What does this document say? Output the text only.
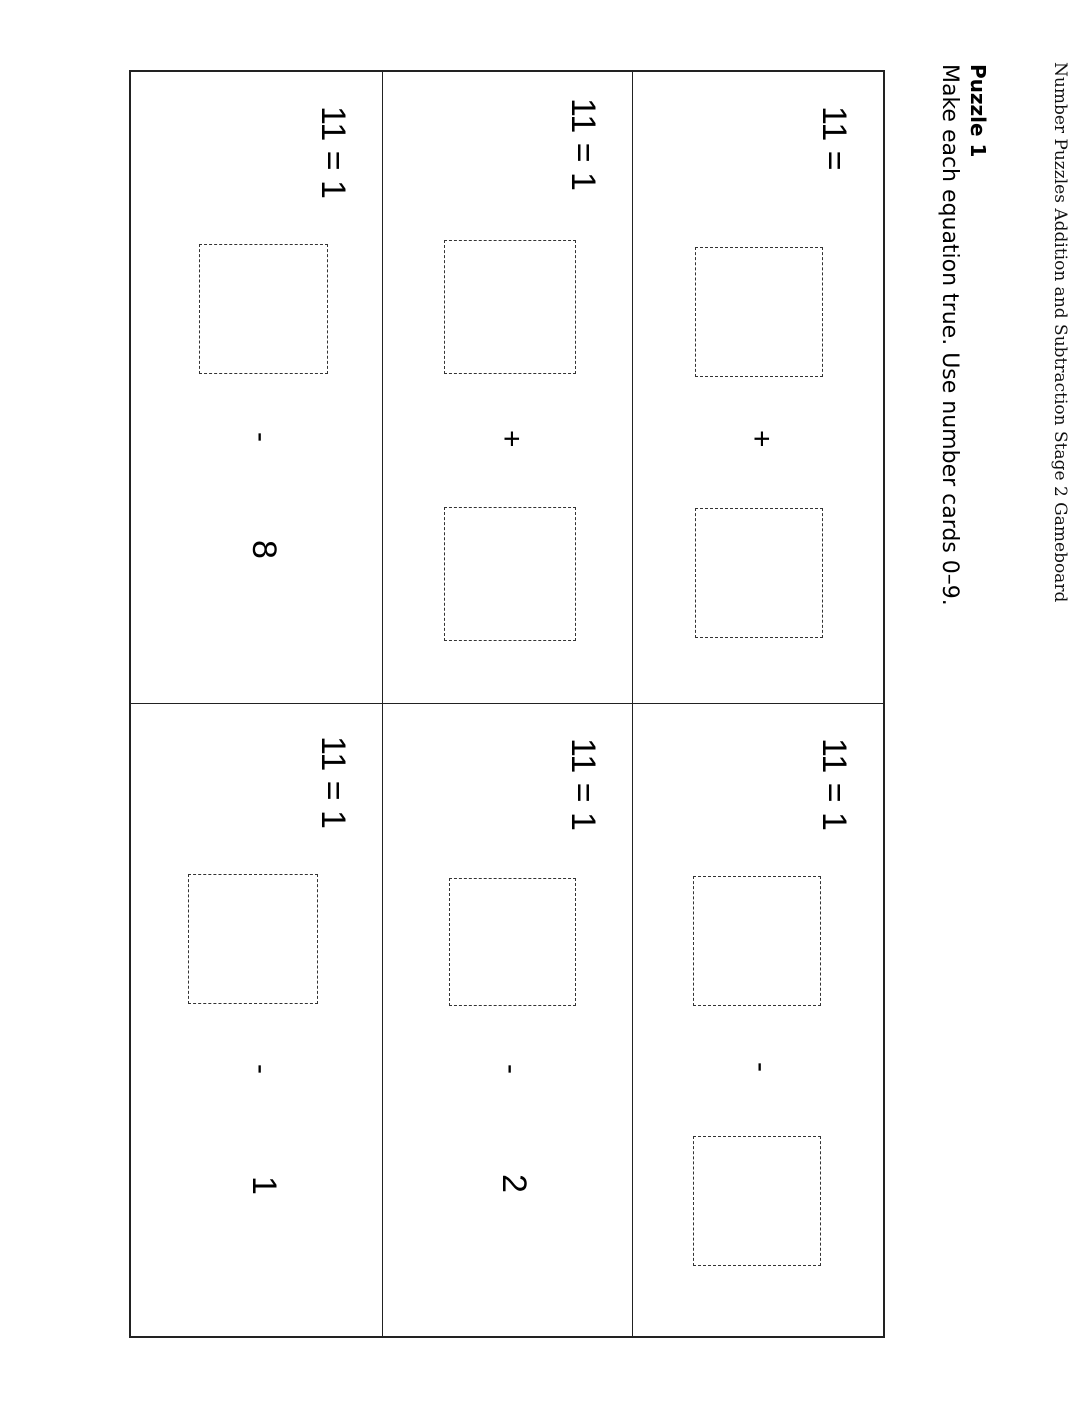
Number Puzzles Addition and Subtraction Stage 2 Gameboard
Puzzle 1
Make each equation true. Use number cards 0–9.
11 =
+
11 = 1
-
11 = 1
+
11 = 1
-
2
11 = 1
-
8
11 = 1
-
1
